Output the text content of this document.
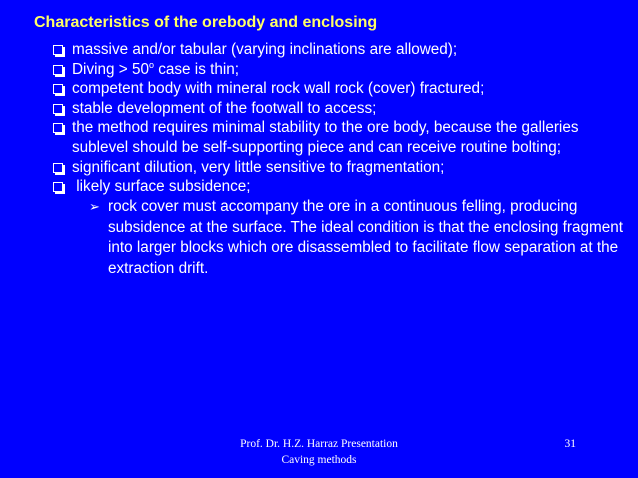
Characteristics of the orebody and enclosing
massive and/or tabular (varying inclinations are allowed);
Diving > $50^o$ case is thin;
competent body with mineral rock wall rock (cover) fractured;
stable development of the footwall to access;
the method requires minimal stability to the ore body, because the galleries sublevel should be self-supporting piece and can receive routine bolting;
significant dilution, very little sensitive to fragmentation;
likely surface subsidence;
➢ rock cover must accompany the ore in a continuous felling, producing subsidence at the surface. The ideal condition is that the enclosing fragment into larger blocks which ore disassembled to facilitate flow separation at the extraction drift.
Prof. Dr. H.Z. Harraz Presentation
Caving methods
31
